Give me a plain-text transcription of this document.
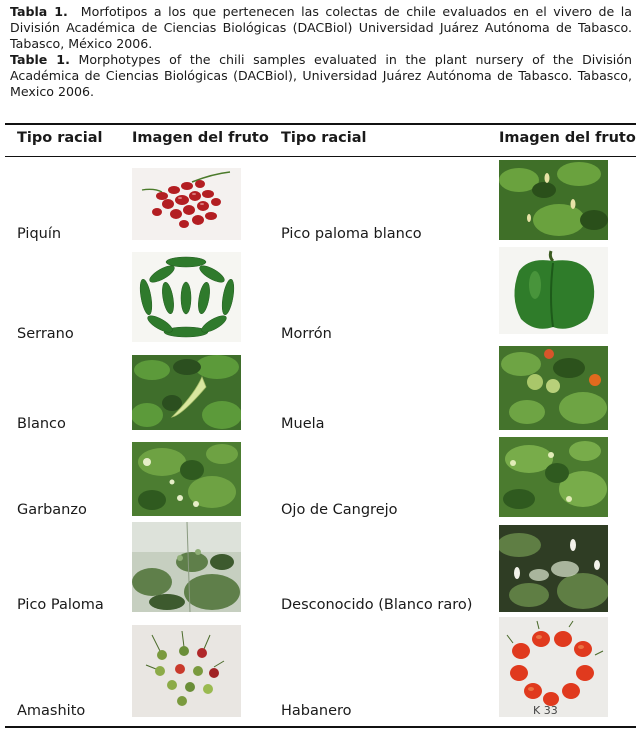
Tabla 1. Morfotipos a los que pertenecen las colectas de chile evaluados en el vivero de la División Académica de Ciencias Biológicas (DACBiol) Universidad Juárez Autónoma de Tabasco. Tabasco, México 2006.

Table 1. Morphotypes of the chili samples evaluated in the plant nursery of the División Académica de Ciencias Biológicas (DACBiol), Universidad Juárez Autónoma de Tabasco. Tabasco, Mexico 2006.

Tipo racial Imagen del fruto Tipo racial	Imagen del fruto
Piquín	Pico paloma blanco
Serrano	Morrón
Blanco	Muela
Garbanzo	Ojo de Cangrejo
Pico Paloma	Desconocido (Blanco raro)
Amashito	Habanero	K 33
